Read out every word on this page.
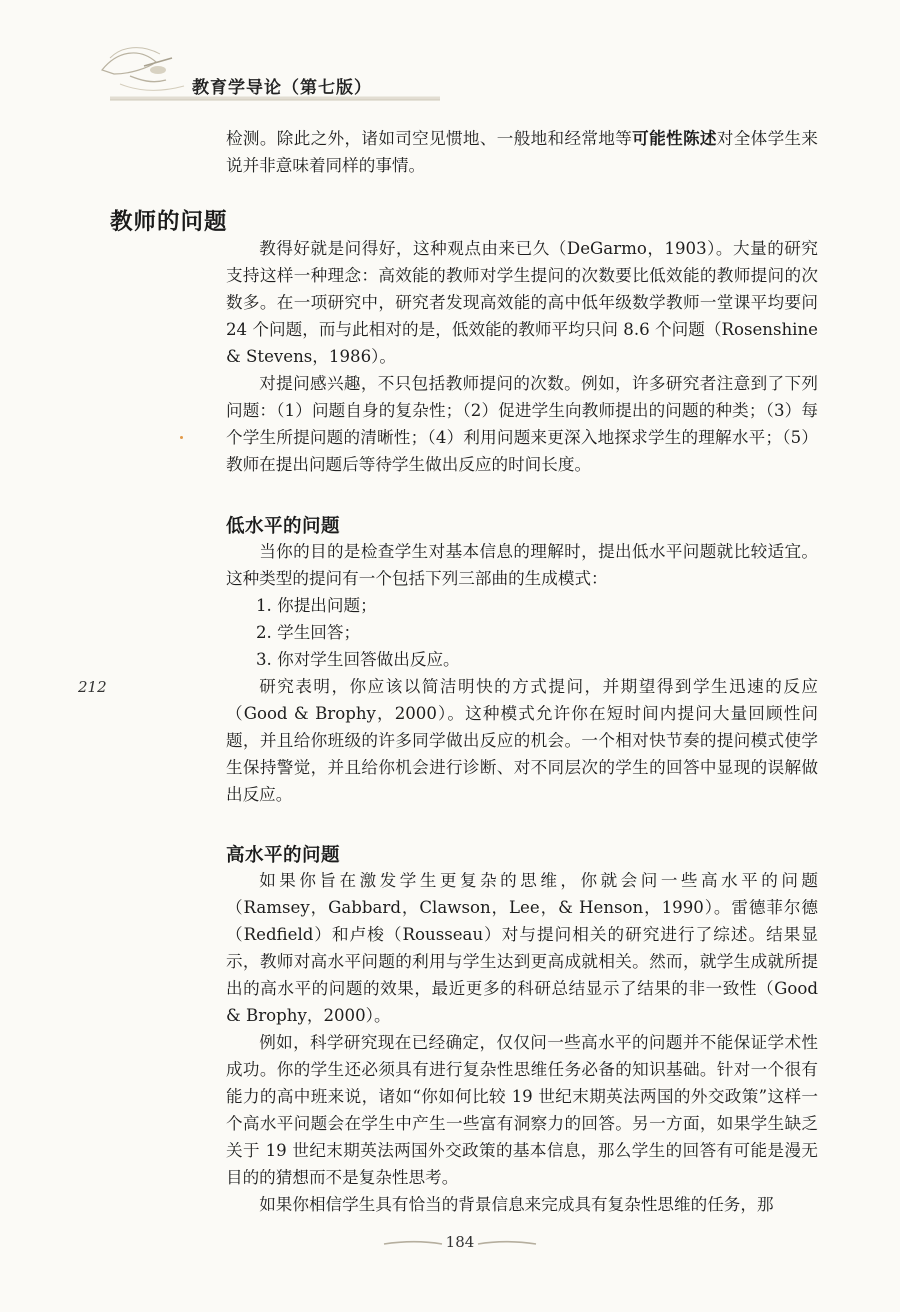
教育学导论（第七版）

检测。除此之外，诸如司空见惯地、一般地和经常地等可能性陈述对全体学生来说并非意味着同样的事情。

教师的问题

教得好就是问得好，这种观点由来已久（DeGarmo，1903）。大量的研究支持这样一种理念：高效能的教师对学生提问的次数要比低效能的教师提问的次数多。在一项研究中，研究者发现高效能的高中低年级数学教师一堂课平均要问 24 个问题，而与此相对的是，低效能的教师平均只问 8.6 个问题（Rosenshine & Stevens，1986）。

对提问感兴趣，不只包括教师提问的次数。例如，许多研究者注意到了下列问题：（1）问题自身的复杂性；（2）促进学生向教师提出的问题的种类；（3）每个学生所提问题的清晰性；（4）利用问题来更深入地探求学生的理解水平；（5）教师在提出问题后等待学生做出反应的时间长度。

低水平的问题

当你的目的是检查学生对基本信息的理解时，提出低水平问题就比较适宜。这种类型的提问有一个包括下列三部曲的生成模式：

1. 你提出问题；
2. 学生回答；
3. 你对学生回答做出反应。

研究表明，你应该以简洁明快的方式提问，并期望得到学生迅速的反应（Good & Brophy，2000）。这种模式允许你在短时间内提问大量回顾性问题，并且给你班级的许多同学做出反应的机会。一个相对快节奏的提问模式使学生保持警觉，并且给你机会进行诊断、对不同层次的学生的回答中显现的误解做出反应。

212
高水平的问题

如果你旨在激发学生更复杂的思维，你就会问一些高水平的问题（Ramsey，Gabbard，Clawson，Lee，& Henson，1990）。雷德菲尔德（Redfield）和卢梭（Rousseau）对与提问相关的研究进行了综述。结果显示，教师对高水平问题的利用与学生达到更高成就相关。然而，就学生成就所提出的高水平的问题的效果，最近更多的科研总结显示了结果的非一致性（Good & Brophy，2000）。

例如，科学研究现在已经确定，仅仅问一些高水平的问题并不能保证学术性成功。你的学生还必须具有进行复杂性思维任务必备的知识基础。针对一个很有能力的高中班来说，诸如“你如何比较 19 世纪末期英法两国的外交政策”这样一个高水平问题会在学生中产生一些富有洞察力的回答。另一方面，如果学生缺乏关于 19 世纪末期英法两国外交政策的基本信息，那么学生的回答有可能是漫无目的的猜想而不是复杂性思考。

如果你相信学生具有恰当的背景信息来完成具有复杂性思维的任务，那

184
